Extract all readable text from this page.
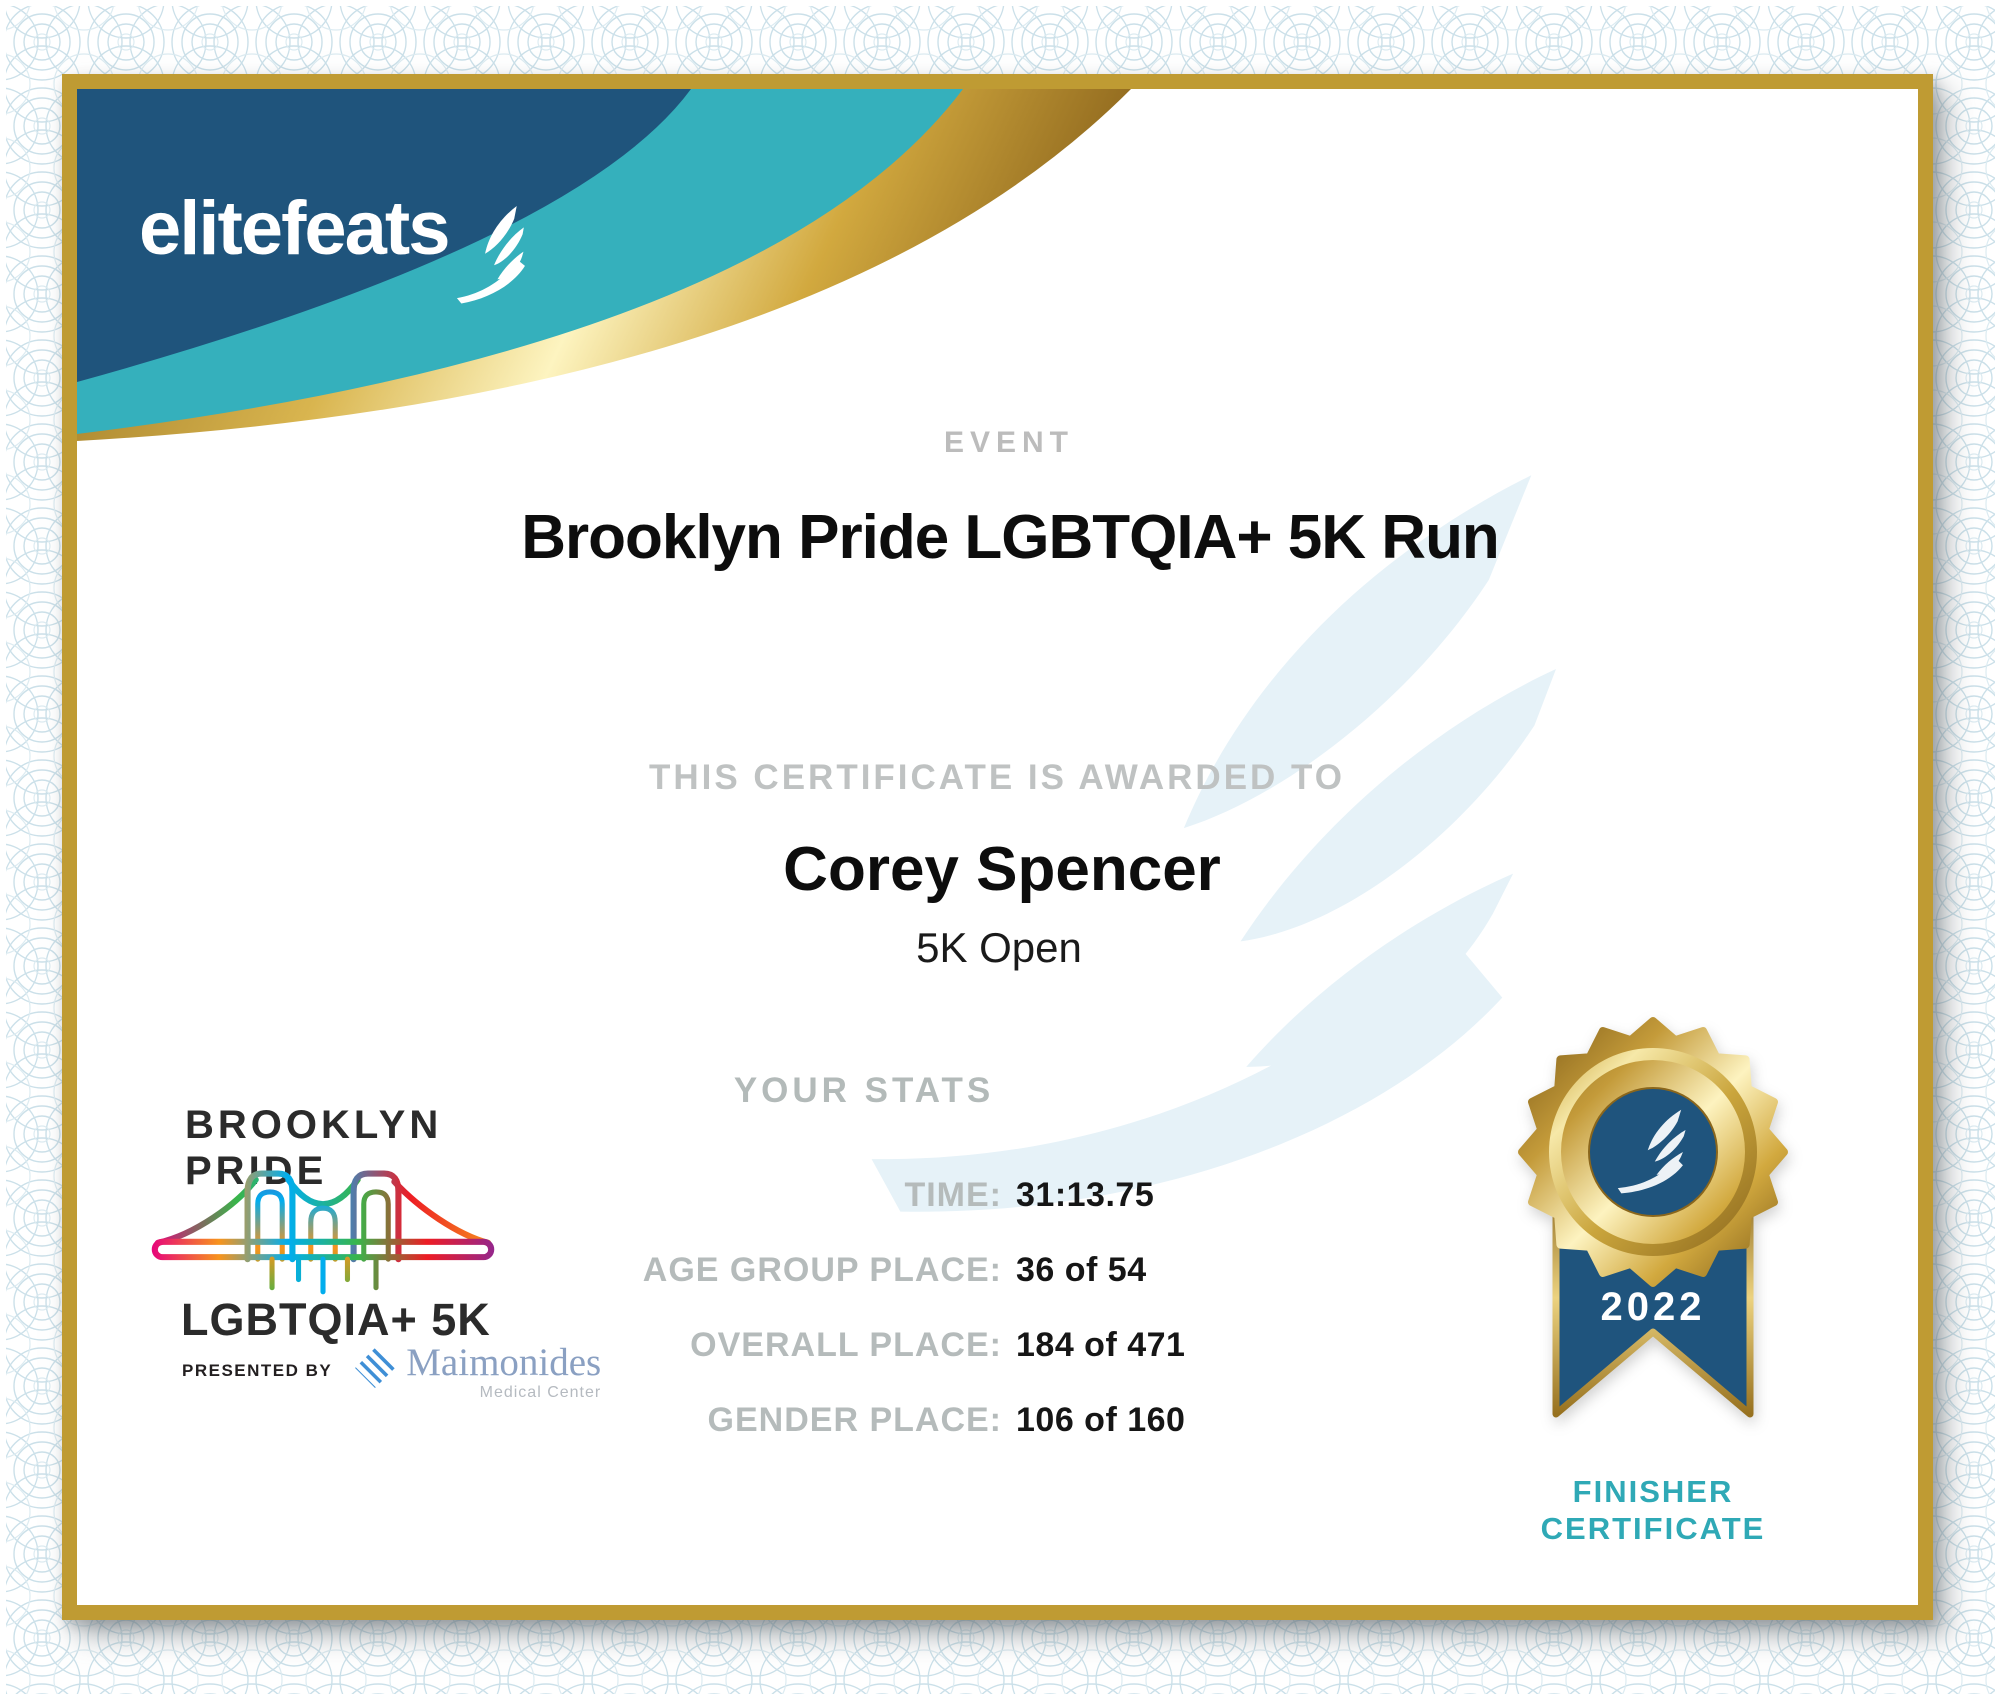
elitefeats
EVENT
Brooklyn Pride LGBTQIA+ 5K Run
THIS CERTIFICATE IS AWARDED TO
Corey Spencer
5K Open
YOUR STATS
TIME: 31:13.75
AGE GROUP PLACE: 36 of 54
OVERALL PLACE: 184 of 471
GENDER PLACE: 106 of 160
BROOKLYN
PRIDE
LGBTQIA+ 5K
PRESENTED BY Maimonides
Medical Center
2022
FINISHER
CERTIFICATE
